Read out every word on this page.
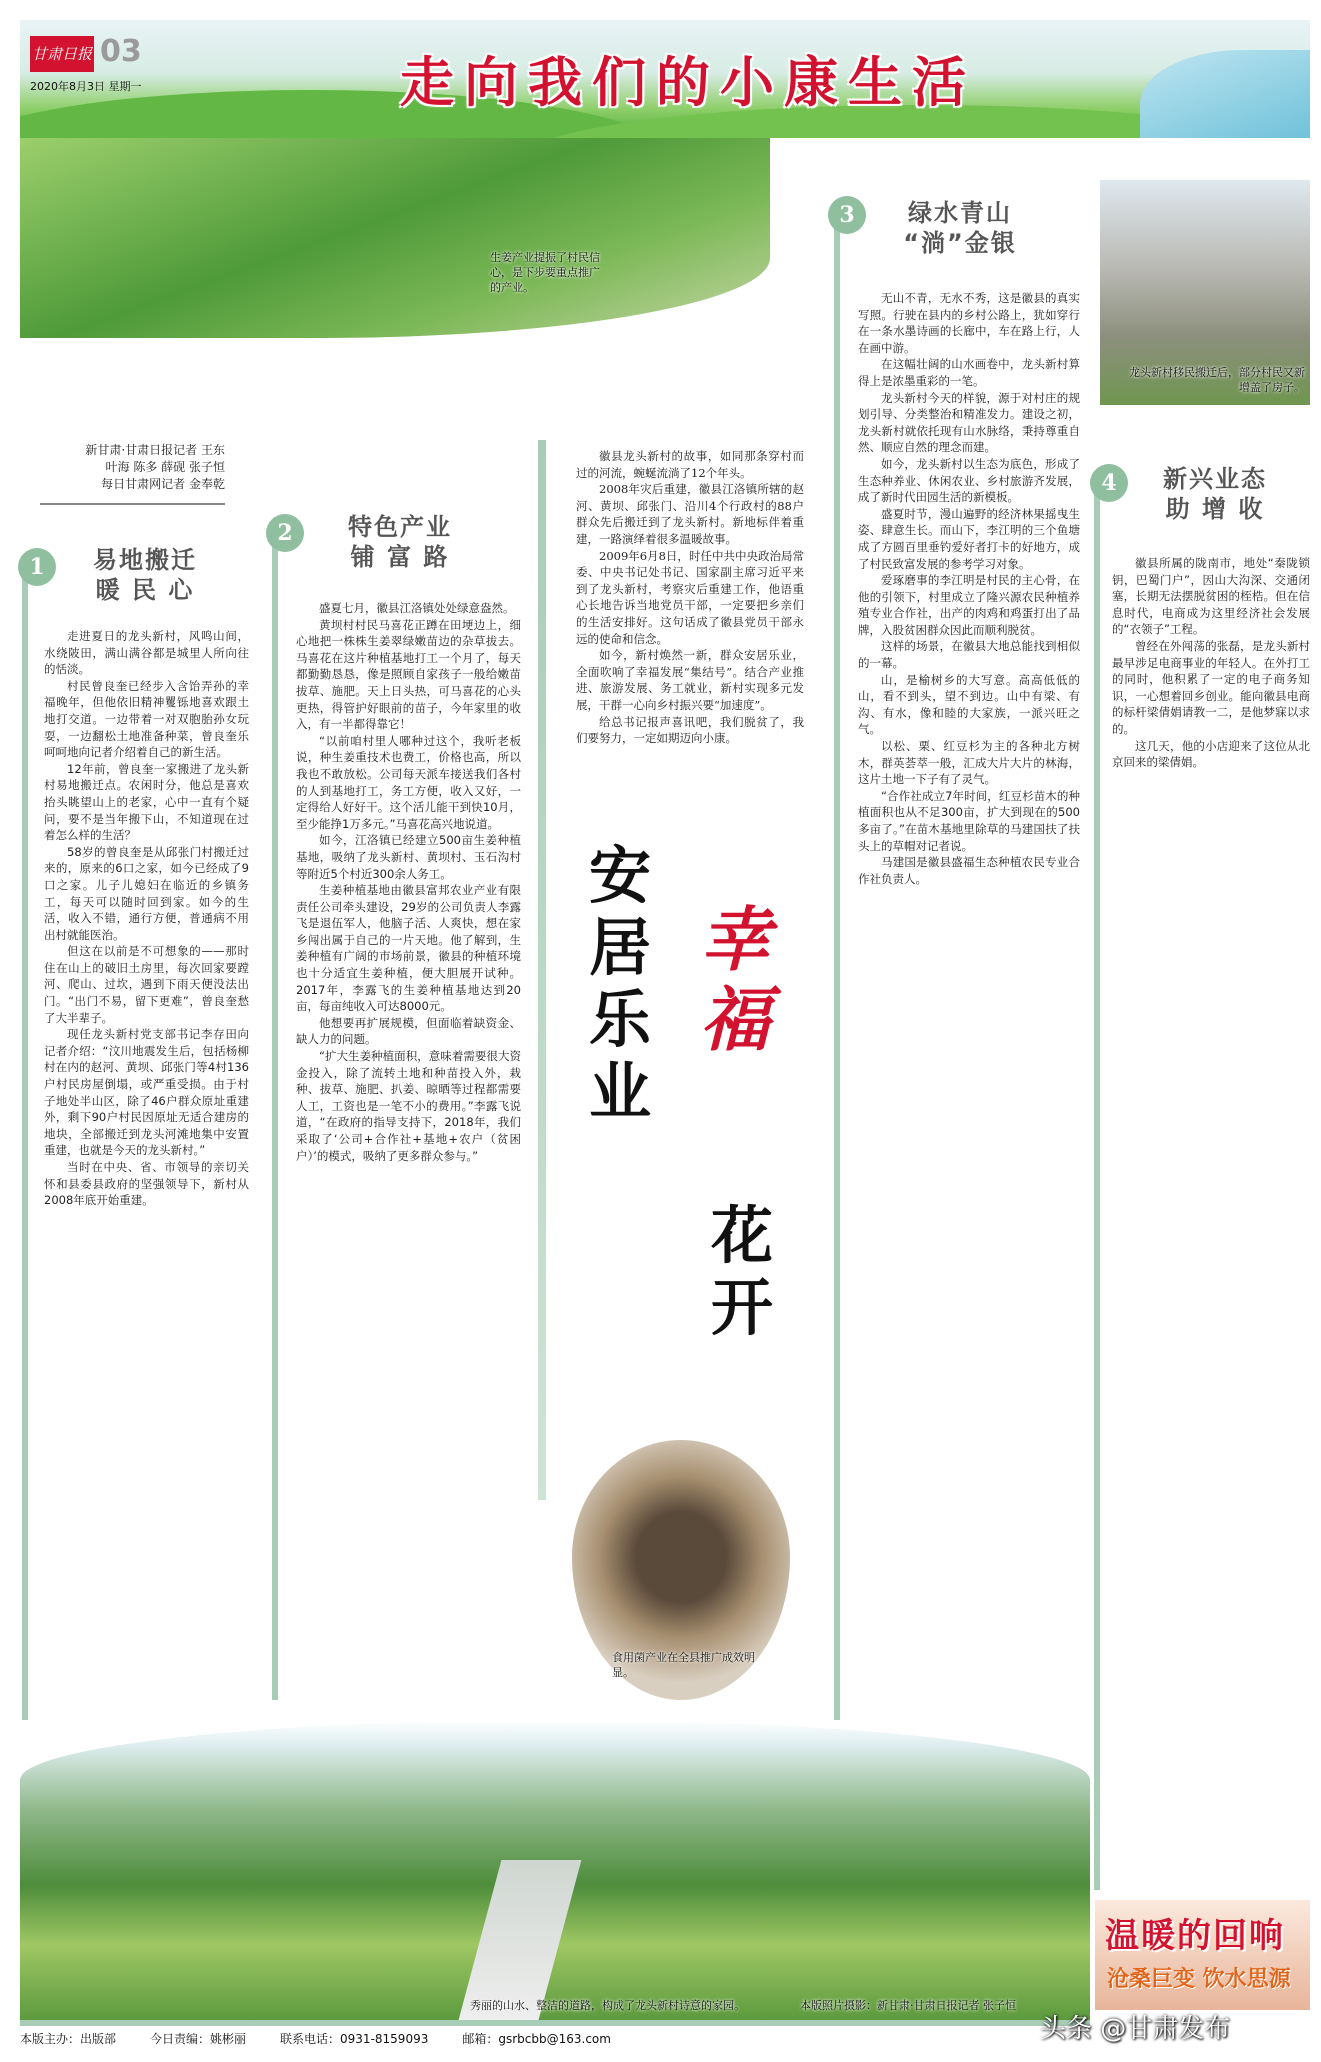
甘肃日报 03
2020年8月3日 星期一	走向我们的小康生活
生姜产业提振了村民信心，是下步要重点推广的产业。
龙头新村移民搬迁后，部分村民又新增盖了房子。
新甘肃·甘肃日报记者 王东
叶海 陈多 薛砚 张子恒
每日甘肃网记者 金奉乾
1	易地搬迁
暖 民 心

走进夏日的龙头新村，风鸣山间，水绕陂田，满山满谷都是城里人所向往的恬淡。

村民曾良奎已经步入含饴弄孙的幸福晚年，但他依旧精神矍铄地喜欢跟土地打交道。一边带着一对双胞胎孙女玩耍，一边翻松土地准备种菜，曾良奎乐呵呵地向记者介绍着自己的新生活。

12年前，曾良奎一家搬进了龙头新村易地搬迁点。农闲时分，他总是喜欢抬头眺望山上的老家，心中一直有个疑问，要不是当年搬下山，不知道现在过着怎么样的生活？

58岁的曾良奎是从邱张门村搬迁过来的，原来的6口之家，如今已经成了9口之家。儿子儿媳妇在临近的乡镇务工，每天可以随时回到家。如今的生活，收入不错，通行方便，普通病不用出村就能医治。

但这在以前是不可想象的——那时住在山上的破旧土房里，每次回家要蹚河、爬山、过坎，遇到下雨天便没法出门。“出门不易，留下更难”，曾良奎愁了大半辈子。

现任龙头新村党支部书记李存田向记者介绍：“汶川地震发生后，包括杨柳村在内的赵河、黄坝、邱张门等4村136户村民房屋倒塌，或严重受损。由于村子地处半山区，除了46户群众原址重建外，剩下90户村民因原址无适合建房的地块，全部搬迁到龙头河滩地集中安置重建，也就是今天的龙头新村。”

当时在中央、省、市领导的亲切关怀和县委县政府的坚强领导下，新村从2008年底开始重建。

2	特色产业
铺 富 路

盛夏七月，徽县江洛镇处处绿意盎然。

黄坝村村民马喜花正蹲在田埂边上，细心地把一株株生姜翠绿嫩苗边的杂草拔去。马喜花在这片种植基地打工一个月了，每天都勤勤恳恳，像是照顾自家孩子一般给嫩苗拔草、施肥。天上日头热，可马喜花的心头更热，得管护好眼前的苗子，今年家里的收入，有一半都得靠它！

“以前咱村里人哪种过这个，我听老板说，种生姜重技术也费工，价格也高，所以我也不敢放松。公司每天派车接送我们各村的人到基地打工，务工方便，收入又好，一定得给人好好干。这个活儿能干到快10月，至少能挣1万多元。”马喜花高兴地说道。

如今，江洛镇已经建立500亩生姜种植基地，吸纳了龙头新村、黄坝村、玉石沟村等附近5个村近300余人务工。

生姜种植基地由徽县富邦农业产业有限责任公司牵头建设，29岁的公司负责人李露飞是退伍军人，他脑子活、人爽快，想在家乡闯出属于自己的一片天地。他了解到，生姜种植有广阔的市场前景，徽县的种植环境也十分适宜生姜种植，便大胆展开试种。2017年，李露飞的生姜种植基地达到20亩，每亩纯收入可达8000元。

他想要再扩展规模，但面临着缺资金、缺人力的问题。

“扩大生姜种植面积，意味着需要很大资金投入，除了流转土地和种苗投入外，栽种、拔草、施肥、扒姜、晾晒等过程都需要人工，工资也是一笔不小的费用。”李露飞说道，“在政府的指导支持下，2018年，我们采取了‘公司+合作社+基地+农户（贫困户）’的模式，吸纳了更多群众参与。”

徽县龙头新村的故事，如同那条穿村而过的河流，蜿蜒流淌了12个年头。

2008年灾后重建，徽县江洛镇所辖的赵河、黄坝、邱张门、沿川4个行政村的88户群众先后搬迁到了龙头新村。新地标伴着重建，一路演绎着很多温暖故事。

2009年6月8日，时任中共中央政治局常委、中央书记处书记、国家副主席习近平来到了龙头新村，考察灾后重建工作，他语重心长地告诉当地党员干部，一定要把乡亲们的生活安排好。这句话成了徽县党员干部永远的使命和信念。

如今，新村焕然一新，群众安居乐业，全面吹响了幸福发展“集结号”。结合产业推进、旅游发展、务工就业，新村实现多元发展，干群一心向乡村振兴要“加速度”。

给总书记报声喜讯吧，我们脱贫了，我们要努力，一定如期迈向小康。

安居乐业
幸福
花开
食用菌产业在全县推广成效明显。
3	绿水青山
“淌”金银

无山不青，无水不秀，这是徽县的真实写照。行驶在县内的乡村公路上，犹如穿行在一条水墨诗画的长廊中，车在路上行，人在画中游。

在这幅壮阔的山水画卷中，龙头新村算得上是浓墨重彩的一笔。

龙头新村今天的样貌，源于对村庄的规划引导、分类整治和精准发力。建设之初，龙头新村就依托现有山水脉络，秉持尊重自然、顺应自然的理念而建。

如今，龙头新村以生态为底色，形成了生态种养业、休闲农业、乡村旅游齐发展，成了新时代田园生活的新模板。

盛夏时节，漫山遍野的经济林果摇曳生姿、肆意生长。而山下，李江明的三个鱼塘成了方圆百里垂钓爱好者打卡的好地方，成了村民致富发展的参考学习对象。

爱琢磨事的李江明是村民的主心骨，在他的引领下，村里成立了隆兴源农民种植养殖专业合作社，出产的肉鸡和鸡蛋打出了品牌，入股贫困群众因此而顺利脱贫。

这样的场景，在徽县大地总能找到相似的一幕。

山，是榆树乡的大写意。高高低低的山，看不到头，望不到边。山中有梁、有沟、有水，像和睦的大家族，一派兴旺之气。

以松、栗、红豆杉为主的各种北方树木，群英荟萃一般，汇成大片大片的林海，这片土地一下子有了灵气。

“合作社成立7年时间，红豆杉苗木的种植面积也从不足300亩，扩大到现在的500多亩了。”在苗木基地里除草的马建国扶了扶头上的草帽对记者说。

马建国是徽县盛福生态种植农民专业合作社负责人。

4	新兴业态
助 增 收

徽县所属的陇南市，地处“秦陇锁钥，巴蜀门户”，因山大沟深、交通闭塞，长期无法摆脱贫困的桎梏。但在信息时代，电商成为这里经济社会发展的“衣领子”工程。

曾经在外闯荡的张磊，是龙头新村最早涉足电商事业的年轻人。在外打工的同时，他积累了一定的电子商务知识，一心想着回乡创业。能向徽县电商的标杆梁倩娟请教一二，是他梦寐以求的。

这几天，他的小店迎来了这位从北京回来的梁倩娟。

秀丽的山水、整洁的道路，构成了龙头新村诗意的家园。	本版照片摄影：新甘肃·甘肃日报记者 张子恒
温暖的回响
沧桑巨变 饮水思源
本版主办：出版部	今日责编：姚彬丽	联系电话：0931-8159093	邮箱：gsrbcbb@163.com	头条 @甘肃发布
